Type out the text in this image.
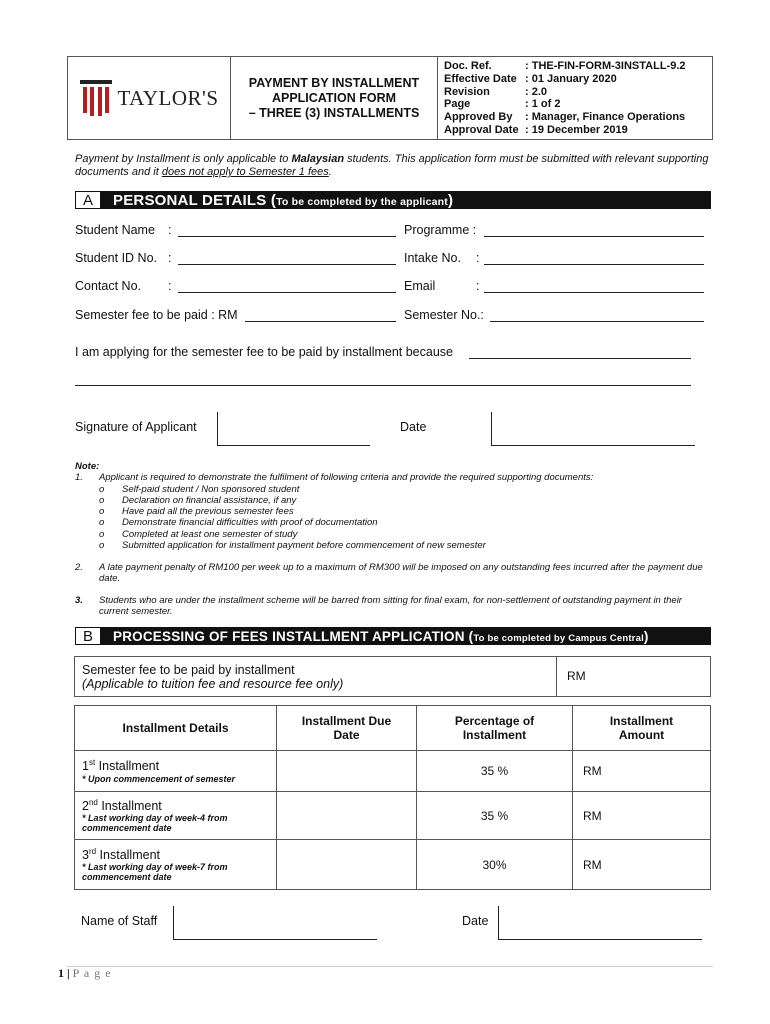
TAYLOR'S
PAYMENT BY INSTALLMENT
APPLICATION FORM
– THREE (3) INSTALLMENTS
Doc. Ref.	: THE-FIN-FORM-3INSTALL-9.2
Effective Date : 01 January 2020
Revision	: 2.0
Page	: 1 of 2
Approved By	: Manager, Finance Operations
Approval Date : 19 December 2019
Payment by Installment is only applicable to Malaysian students. This application form must be submitted with relevant supporting documents and it does not apply to Semester 1 fees.
A	PERSONAL DETAILS (To be completed by the applicant)
Student Name :	Programme :
Student ID No. :	Intake No. :
Contact No. :	Email	:
Semester fee to be paid : RM	Semester No.:
I am applying for the semester fee to be paid by installment because
Signature of Applicant	Date
Note:
1. Applicant is required to demonstrate the fulfilment of following criteria and provide the required supporting documents:
o Self-paid student / Non sponsored student
o Declaration on financial assistance, if any
o Have paid all the previous semester fees
o Demonstrate financial difficulties with proof of documentation
o Completed at least one semester of study
o Submitted application for installment payment before commencement of new semester
2. A late payment penalty of RM100 per week up to a maximum of RM300 will be imposed on any outstanding fees incurred after the payment due date.
3. Students who are under the installment scheme will be barred from sitting for final exam, for non-settlement of outstanding payment in their current semester.
B	PROCESSING OF FEES INSTALLMENT APPLICATION (To be completed by Campus Central)
Semester fee to be paid by installment
(Applicable to tuition fee and resource fee only)
	RM
Installment Details	Installment Due Date	Percentage of Installment	Installment Amount

1st Installment
* Upon commencement of semester		35 %	RM

2nd Installment
* Last working day of week-4 from commencement date		35 %	RM

3rd Installment
* Last working day of week-7 from commencement date		30%	RM
Name of Staff	Date
1 | P a g e
